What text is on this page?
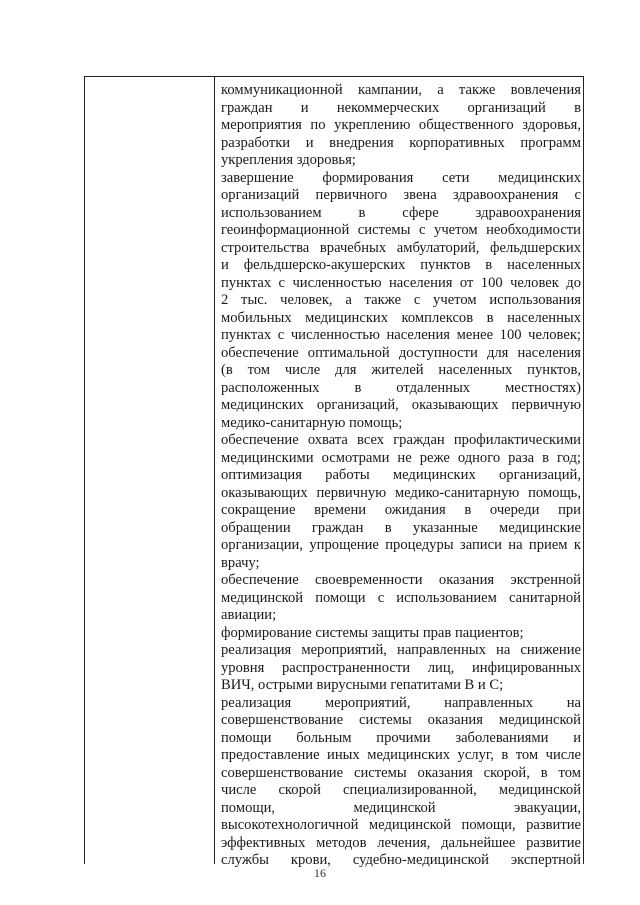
коммуникационной кампании, а также вовлечения
граждан и некоммерческих организаций в
мероприятия по укреплению общественного здоровья,
разработки и внедрения корпоративных программ
укрепления здоровья;
завершение формирования сети медицинских
организаций первичного звена здравоохранения с
использованием в сфере здравоохранения
геоинформационной системы с учетом необходимости
строительства врачебных амбулаторий, фельдшерских
и фельдшерско-акушерских пунктов в населенных
пунктах с численностью населения от 100 человек до
2 тыс. человек, а также с учетом использования
мобильных медицинских комплексов в населенных
пунктах с численностью населения менее 100 человек;
обеспечение оптимальной доступности для населения
(в том числе для жителей населенных пунктов,
расположенных в отдаленных местностях)
медицинских организаций, оказывающих первичную
медико-санитарную помощь;
обеспечение охвата всех граждан профилактическими
медицинскими осмотрами не реже одного раза в год;
оптимизация работы медицинских организаций,
оказывающих первичную медико-санитарную помощь,
сокращение времени ожидания в очереди при
обращении граждан в указанные медицинские
организации, упрощение процедуры записи на прием к
врачу;
обеспечение своевременности оказания экстренной
медицинской помощи с использованием санитарной
авиации;
формирование системы защиты прав пациентов;
реализация мероприятий, направленных на снижение
уровня распространенности лиц, инфицированных
ВИЧ, острыми вирусными гепатитами В и С;
реализация мероприятий, направленных на
совершенствование системы оказания медицинской
помощи больным прочими заболеваниями и
предоставление иных медицинских услуг, в том числе
совершенствование системы оказания скорой, в том
числе скорой специализированной, медицинской
помощи, медицинской эвакуации,
высокотехнологичной медицинской помощи, развитие
эффективных методов лечения, дальнейшее развитие
службы крови, судебно-медицинской экспертной
16
